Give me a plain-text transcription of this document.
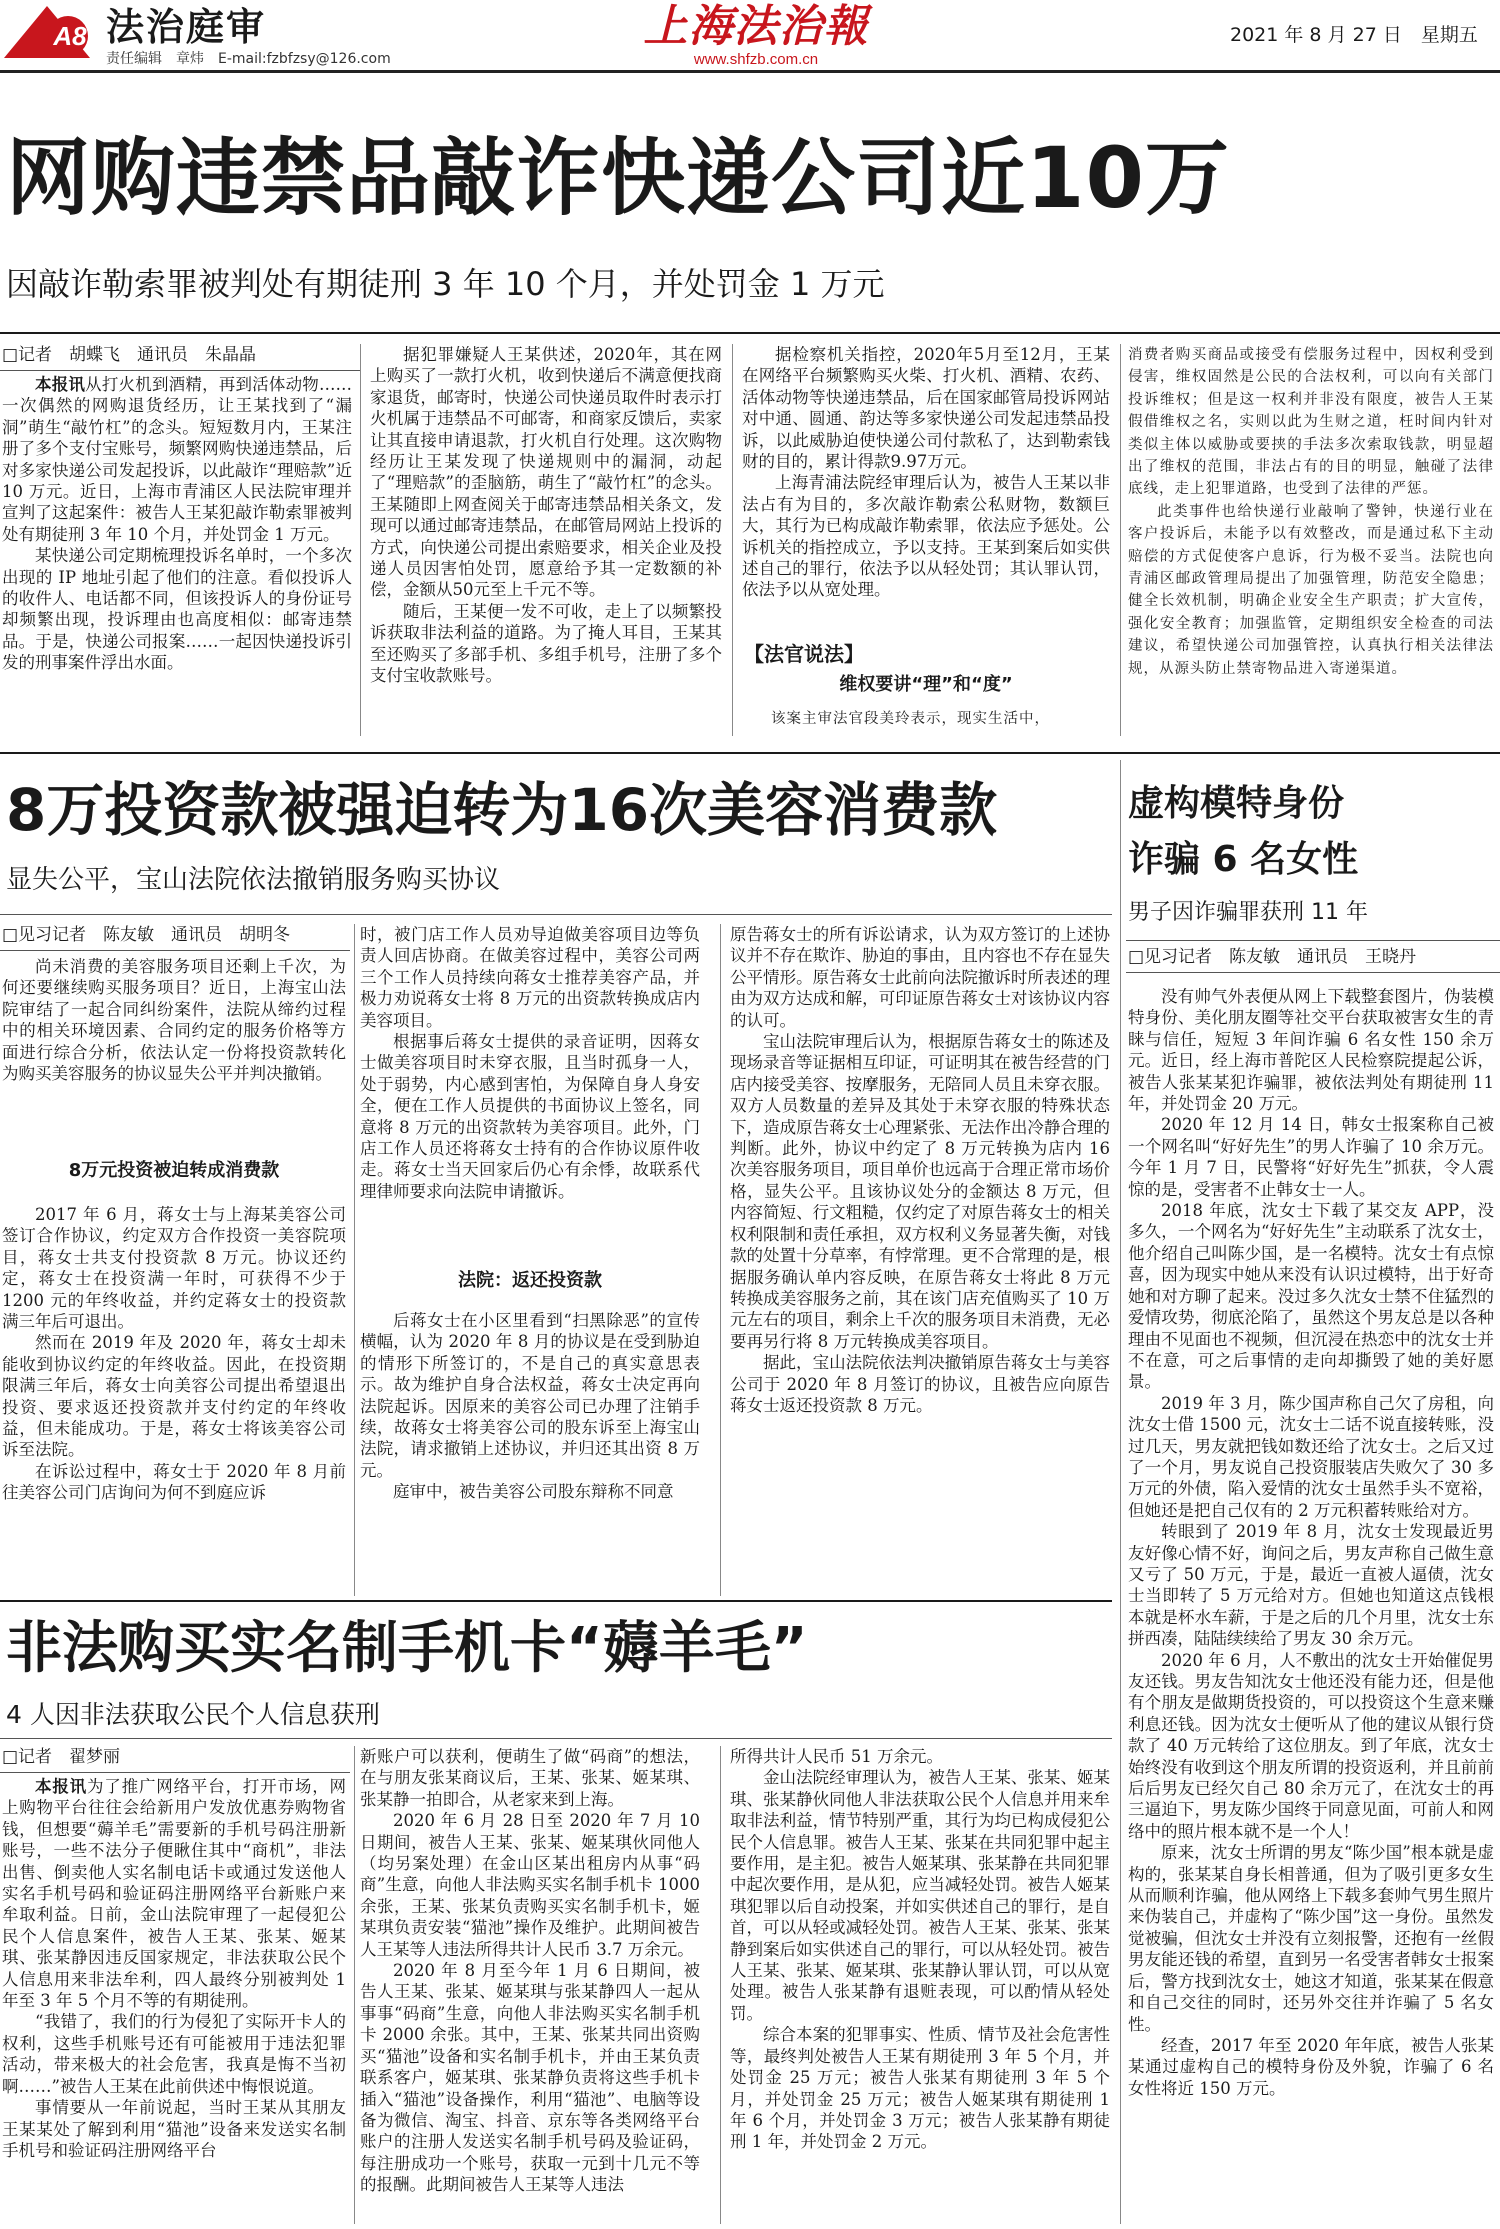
A8 法治庭审
责任编辑　章炜　E-mail:fzbfzsy@126.com
上海法治報
www.shfzb.com.cn
2021 年 8 月 27 日　星期五
网购违禁品敲诈快递公司近10万
因敲诈勒索罪被判处有期徒刑 3 年 10 个月，并处罚金 1 万元
□记者　胡蝶飞　通讯员　朱晶晶

本报讯从打火机到酒精，再到活体动物……一次偶然的网购退货经历，让王某找到了“漏洞”萌生“敲竹杠”的念头。短短数月内，王某注册了多个支付宝账号，频繁网购快递违禁品，后对多家快递公司发起投诉，以此敲诈“理赔款”近 10 万元。近日，上海市青浦区人民法院审理并宣判了这起案件：被告人王某犯敲诈勒索罪被判处有期徒刑 3 年 10 个月，并处罚金 1 万元。

某快递公司定期梳理投诉名单时，一个多次出现的 IP 地址引起了他们的注意。看似投诉人的收件人、电话都不同，但该投诉人的身份证号却频繁出现，投诉理由也高度相似：邮寄违禁品。于是，快递公司报案……一起因快递投诉引发的刑事案件浮出水面。

据犯罪嫌疑人王某供述，2020年，其在网上购买了一款打火机，收到快递后不满意便找商家退货，邮寄时，快递公司快递员取件时表示打火机属于违禁品不可邮寄，和商家反馈后，卖家让其直接申请退款，打火机自行处理。这次购物经历让王某发现了快递规则中的漏洞，动起了“理赔款”的歪脑筋，萌生了“敲竹杠”的念头。王某随即上网查阅关于邮寄违禁品相关条文，发现可以通过邮寄违禁品，在邮管局网站上投诉的方式，向快递公司提出索赔要求，相关企业及投递人员因害怕处罚，愿意给予其一定数额的补偿，金额从50元至上千元不等。

随后，王某便一发不可收，走上了以频繁投诉获取非法利益的道路。为了掩人耳目，王某其至还购买了多部手机、多组手机号，注册了多个支付宝收款账号。

据检察机关指控，2020年5月至12月，王某在网络平台频繁购买火柴、打火机、酒精、农药、活体动物等快递违禁品，后在国家邮管局投诉网站对中通、圆通、韵达等多家快递公司发起违禁品投诉，以此威胁迫使快递公司付款私了，达到勒索钱财的目的，累计得款9.97万元。

上海青浦法院经审理后认为，被告人王某以非法占有为目的，多次敲诈勒索公私财物，数额巨大，其行为已构成敲诈勒索罪，依法应予惩处。公诉机关的指控成立，予以支持。王某到案后如实供述自己的罪行，依法予以从轻处罚；其认罪认罚，依法予以从宽处理。

【法官说法】
维权要讲“理”和“度”

该案主审法官段美玲表示，现实生活中，

消费者购买商品或接受有偿服务过程中，因权利受到侵害，维权固然是公民的合法权利，可以向有关部门投诉维权；但是这一权利并非没有限度，被告人王某假借维权之名，实则以此为生财之道，枉时间内针对类似主体以威胁或要挟的手法多次索取钱款，明显超出了维权的范围，非法占有的目的明显，触碰了法律底线，走上犯罪道路，也受到了法律的严惩。

此类事件也给快递行业敲响了警钟，快递行业在客户投诉后，未能予以有效整改，而是通过私下主动赔偿的方式促使客户息诉，行为极不妥当。法院也向青浦区邮政管理局提出了加强管理，防范安全隐患；健全长效机制，明确企业安全生产职责；扩大宣传，强化安全教育；加强监管，定期组织安全检查的司法建议，希望快递公司加强管控，认真执行相关法律法规，从源头防止禁寄物品进入寄递渠道。

8万投资款被强迫转为16次美容消费款
显失公平，宝山法院依法撤销服务购买协议
□见习记者　陈友敏　通讯员　胡明冬

尚未消费的美容服务项目还剩上千次，为何还要继续购买服务项目？近日，上海宝山法院审结了一起合同纠纷案件，法院从缔约过程中的相关环境因素、合同约定的服务价格等方面进行综合分析，依法认定一份将投资款转化为购买美容服务的协议显失公平并判决撤销。

8万元投资被迫转成消费款

2017 年 6 月，蒋女士与上海某美容公司签订合作协议，约定双方合作投资一美容院项目，蒋女士共支付投资款 8 万元。协议还约定，蒋女士在投资满一年时，可获得不少于 1200 元的年终收益，并约定蒋女士的投资款满三年后可退出。

然而在 2019 年及 2020 年，蒋女士却未能收到协议约定的年终收益。因此，在投资期限满三年后，蒋女士向美容公司提出希望退出投资、要求返还投资款并支付约定的年终收益，但未能成功。于是，蒋女士将该美容公司诉至法院。

在诉讼过程中，蒋女士于 2020 年 8 月前往美容公司门店询问为何不到庭应诉

时，被门店工作人员劝导迫做美容项目边等负责人回店协商。在做美容过程中，美容公司两三个工作人员持续向蒋女士推荐美容产品，并极力劝说蒋女士将 8 万元的出资款转换成店内美容项目。

根据事后蒋女士提供的录音证明，因蒋女士做美容项目时未穿衣服，且当时孤身一人，处于弱势，内心感到害怕，为保障自身人身安全，便在工作人员提供的书面协议上签名，同意将 8 万元的出资款转为美容项目。此外，门店工作人员还将蒋女士持有的合作协议原件收走。蒋女士当天回家后仍心有余悸，故联系代理律师要求向法院申请撤诉。

法院：返还投资款

后蒋女士在小区里看到“扫黑除恶”的宣传横幅，认为 2020 年 8 月的协议是在受到胁迫的情形下所签订的，不是自己的真实意思表示。故为维护自身合法权益，蒋女士决定再向法院起诉。因原来的美容公司已办理了注销手续，故蒋女士将美容公司的股东诉至上海宝山法院，请求撤销上述协议，并归还其出资 8 万元。

庭审中，被告美容公司股东辩称不同意

原告蒋女士的所有诉讼请求，认为双方签订的上述协议并不存在欺诈、胁迫的事由，且内容也不存在显失公平情形。原告蒋女士此前向法院撤诉时所表述的理由为双方达成和解，可印证原告蒋女士对该协议内容的认可。

宝山法院审理后认为，根据原告蒋女士的陈述及现场录音等证据相互印证，可证明其在被告经营的门店内接受美容、按摩服务，无陪同人员且未穿衣服。双方人员数量的差异及其处于未穿衣服的特殊状态下，造成原告蒋女士心理紧张、无法作出冷静合理的判断。此外，协议中约定了 8 万元转换为店内 16 次美容服务项目，项目单价也远高于合理正常市场价格，显失公平。且该协议处分的金额达 8 万元，但内容简短、行文粗糙，仅约定了对原告蒋女士的相关权利限制和责任承担，双方权利义务显著失衡，对钱款的处置十分草率，有悖常理。更不合常理的是，根据服务确认单内容反映，在原告蒋女士将此 8 万元转换成美容服务之前，其在该门店充值购买了 10 万元左右的项目，剩余上千次的服务项目未消费，无必要再另行将 8 万元转换成美容项目。

据此，宝山法院依法判决撤销原告蒋女士与美容公司于 2020 年 8 月签订的协议，且被告应向原告蒋女士返还投资款 8 万元。

非法购买实名制手机卡“薅羊毛”
4 人因非法获取公民个人信息获刑
□记者　翟梦丽

本报讯为了推广网络平台，打开市场，网上购物平台往往会给新用户发放优惠券购物省钱，但想要“薅羊毛”需要新的手机号码注册新账号，一些不法分子便瞅住其中“商机”，非法出售、倒卖他人实名制电话卡或通过发送他人实名手机号码和验证码注册网络平台新账户来牟取利益。日前，金山法院审理了一起侵犯公民个人信息案件，被告人王某、张某、姬某琪、张某静因违反国家规定，非法获取公民个人信息用来非法牟利，四人最终分别被判处 1 年至 3 年 5 个月不等的有期徒刑。

“我错了，我们的行为侵犯了实际开卡人的权利，这些手机账号还有可能被用于违法犯罪活动，带来极大的社会危害，我真是悔不当初啊……”被告人王某在此前供述中悔恨说道。

事情要从一年前说起，当时王某从其朋友王某某处了解到利用“猫池”设备来发送实名制手机号和验证码注册网络平台

新账户可以获利，便萌生了做“码商”的想法，在与朋友张某商议后，王某、张某、姬某琪、张某静一拍即合，从老家来到上海。

2020 年 6 月 28 日至 2020 年 7 月 10 日期间，被告人王某、张某、姬某琪伙同他人（均另案处理）在金山区某出租房内从事“码商”生意，向他人非法购买实名制手机卡 1000 余张，王某、张某负责购买实名制手机卡，姬某琪负责安装“猫池”操作及维护。此期间被告人王某等人违法所得共计人民币 3.7 万余元。

2020 年 8 月至今年 1 月 6 日期间，被告人王某、张某、姬某琪与张某静四人一起从事事“码商”生意，向他人非法购买实名制手机卡 2000 余张。其中，王某、张某共同出资购买“猫池”设备和实名制手机卡，并由王某负责联系客户，姬某琪、张某静负责将这些手机卡插入“猫池”设备操作，利用“猫池”、电脑等设备为微信、淘宝、抖音、京东等各类网络平台账户的注册人发送实名制手机号码及验证码，每注册成功一个账号，获取一元到十几元不等的报酬。此期间被告人王某等人违法

所得共计人民币 51 万余元。

金山法院经审理认为，被告人王某、张某、姬某琪、张某静伙同他人非法获取公民个人信息并用来牟取非法利益，情节特别严重，其行为均已构成侵犯公民个人信息罪。被告人王某、张某在共同犯罪中起主要作用，是主犯。被告人姬某琪、张某静在共同犯罪中起次要作用，是从犯，应当减轻处罚。被告人姬某琪犯罪以后自动投案，并如实供述自己的罪行，是自首，可以从轻或减轻处罚。被告人王某、张某、张某静到案后如实供述自己的罪行，可以从轻处罚。被告人王某、张某、姬某琪、张某静认罪认罚，可以从宽处理。被告人张某静有退赃表现，可以酌情从轻处罚。

综合本案的犯罪事实、性质、情节及社会危害性等，最终判处被告人王某有期徒刑 3 年 5 个月，并处罚金 25 万元；被告人张某有期徒刑 3 年 5 个月，并处罚金 25 万元；被告人姬某琪有期徒刑 1 年 6 个月，并处罚金 3 万元；被告人张某静有期徒刑 1 年，并处罚金 2 万元。

虚构模特身份
诈骗 6 名女性
男子因诈骗罪获刑 11 年
□见习记者　陈友敏　通讯员　王晓丹

没有帅气外表便从网上下载整套图片，伪装模特身份、美化朋友圈等社交平台获取被害女生的青睐与信任，短短 3 年间诈骗 6 名女性 150 余万元。近日，经上海市普陀区人民检察院提起公诉，被告人张某某犯诈骗罪，被依法判处有期徒刑 11 年，并处罚金 20 万元。

2020 年 12 月 14 日，韩女士报案称自己被一个网名叫“好好先生”的男人诈骗了 10 余万元。今年 1 月 7 日，民警将“好好先生”抓获，令人震惊的是，受害者不止韩女士一人。

2018 年底，沈女士下载了某交友 APP，没多久，一个网名为“好好先生”主动联系了沈女士，他介绍自己叫陈少国，是一名模特。沈女士有点惊喜，因为现实中她从来没有认识过模特，出于好奇她和对方聊了起来。没过多久沈女士禁不住猛烈的爱情攻势，彻底沦陷了，虽然这个男友总是以各种理由不见面也不视频，但沉浸在热恋中的沈女士并不在意，可之后事情的走向却撕毁了她的美好愿景。

2019 年 3 月，陈少国声称自己欠了房租，向沈女士借 1500 元，沈女士二话不说直接转账，没过几天，男友就把钱如数还给了沈女士。之后又过了一个月，男友说自己投资服装店失败欠了 30 多万元的外债，陷入爱情的沈女士虽然手头不宽裕，但她还是把自己仅有的 2 万元积蓄转账给对方。

转眼到了 2019 年 8 月，沈女士发现最近男友好像心情不好，询问之后，男友声称自己做生意又亏了 50 万元，于是，最近一直被人逼债，沈女士当即转了 5 万元给对方。但她也知道这点钱根本就是杯水车薪，于是之后的几个月里，沈女士东拼西凑，陆陆续续给了男友 30 余万元。

2020 年 6 月，人不敷出的沈女士开始催促男友还钱。男友告知沈女士他还没有能力还，但是他有个朋友是做期货投资的，可以投资这个生意来赚利息还钱。因为沈女士便听从了他的建议从银行贷款了 40 万元转给了这位朋友。到了年底，沈女士始终没有收到这个朋友所谓的投资返利，并且前前后后男友已经欠自己 80 余万元了，在沈女士的再三逼迫下，男友陈少国终于同意见面，可前人和网络中的照片根本就不是一个人！

原来，沈女士所谓的男友“陈少国”根本就是虚构的，张某某自身长相普通，但为了吸引更多女生从而顺利诈骗，他从网络上下载多套帅气男生照片来伪装自己，并虚构了“陈少国”这一身份。虽然发觉被骗，但沈女士并没有立刻报警，还抱有一丝假男友能还钱的希望，直到另一名受害者韩女士报案后，警方找到沈女士，她这才知道，张某某在假意和自己交往的同时，还另外交往并诈骗了 5 名女性。

经查，2017 年至 2020 年年底，被告人张某某通过虚构自己的模特身份及外貌，诈骗了 6 名女性将近 150 万元。
